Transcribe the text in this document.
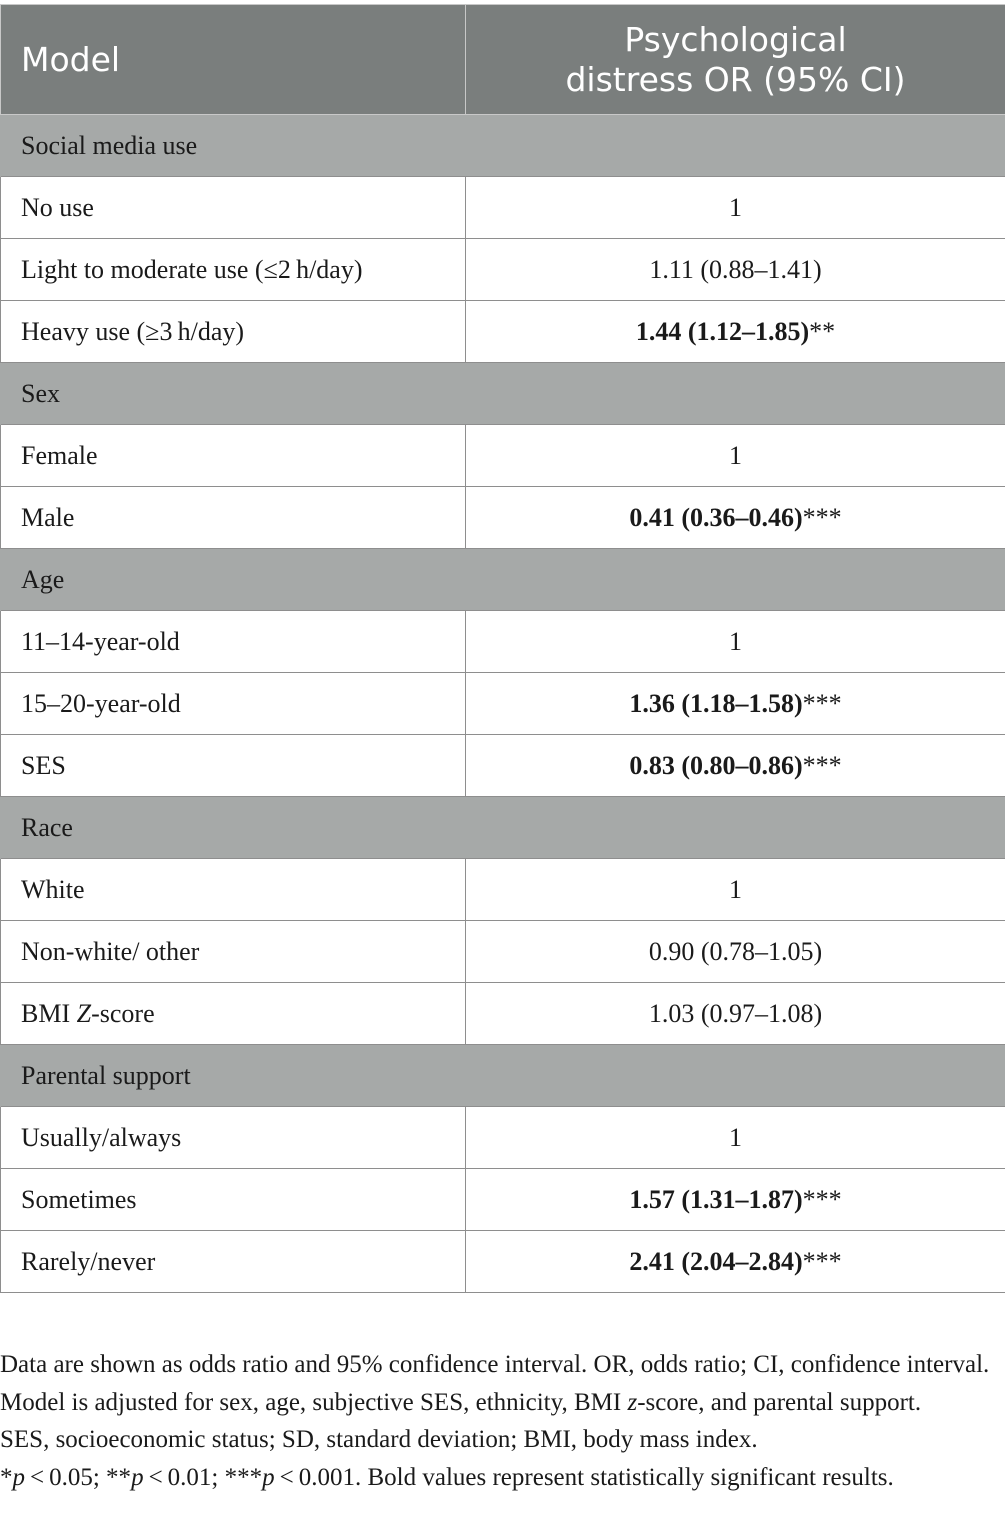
Model	Psychological
distress OR (95% CI)
Social media use	
No use	1
Light to moderate use (≤2 h/day)	1.11 (0.88–1.41)
Heavy use (≥3 h/day)	1.44 (1.12–1.85)**
Sex	
Female	1
Male	0.41 (0.36–0.46)***
Age	
11–14-year-old	1
15–20-year-old	1.36 (1.18–1.58)***
SES	0.83 (0.80–0.86)***
Race	
White	1
Non-white/ other	0.90 (0.78–1.05)
BMI Z-score	1.03 (0.97–1.08)
Parental support	
Usually/always	1
Sometimes	1.57 (1.31–1.87)***
Rarely/never	2.41 (2.04–2.84)***

Data are shown as odds ratio and 95% confidence interval. OR, odds ratio; CI, confidence interval. Model is adjusted for sex, age, subjective SES, ethnicity, BMI z-score, and parental support.

SES, socioeconomic status; SD, standard deviation; BMI, body mass index.

*p < 0.05; **p < 0.01; ***p < 0.001. Bold values represent statistically significant results.
